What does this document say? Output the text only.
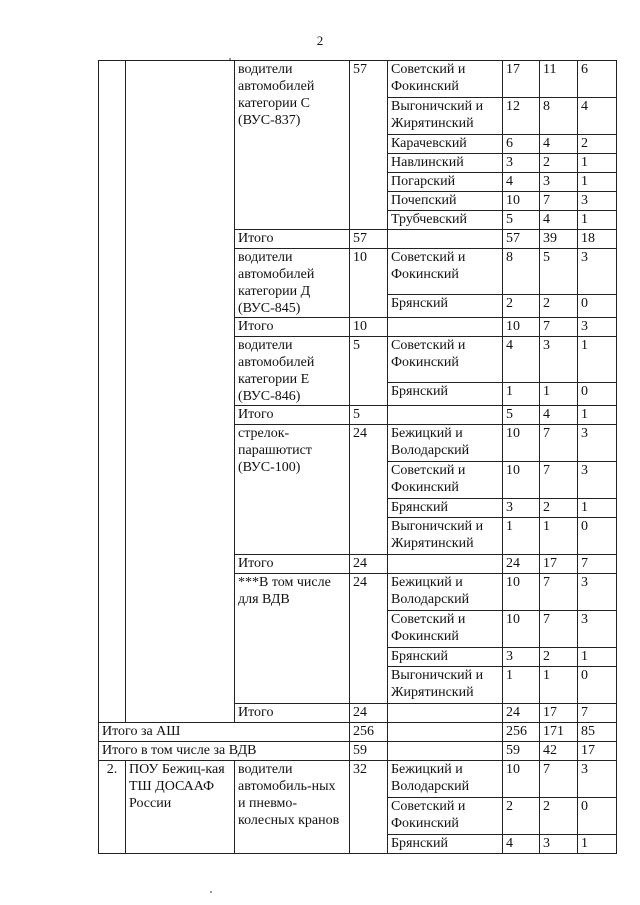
2
		водители автомобилей категории С (ВУС-837)	57	Советский и Фокинский	17	11	6
				Выгоничский и Жирятинский	12	8	4
				Карачевский	6	4	2
				Навлинский	3	2	1
				Погарский	4	3	1
				Почепский	10	7	3
				Трубчевский	5	4	1
		Итого	57		57	39	18
		водители автомобилей категории Д (ВУС-845)	10	Советский и Фокинский	8	5	3
				Брянский	2	2	0
		Итого	10		10	7	3
		водители автомобилей категории Е (ВУС-846)	5	Советский и Фокинский	4	3	1
				Брянский	1	1	0
		Итого	5		5	4	1
		стрелок-парашютист (ВУС-100)	24	Бежицкий и Володарский	10	7	3
				Советский и Фокинский	10	7	3
				Брянский	3	2	1
				Выгоничский и Жирятинский	1	1	0
		Итого	24		24	17	7
		***В том числе для ВДВ	24	Бежицкий и Володарский	10	7	3
				Советский и Фокинский	10	7	3
				Брянский	3	2	1
				Выгоничский и Жирятинский	1	1	0
		Итого	24		24	17	7
Итого за АШ			256		256	171	85
Итого в том числе за ВДВ			59		59	42	17
2.	ПОУ Бежиц-кая ТШ ДОСААФ России	водители автомобиль-ных и пневмо-колесных кранов	32	Бежицкий и Володарский	10	7	3
				Советский и Фокинский	2	2	0
				Брянский	4	3	1
